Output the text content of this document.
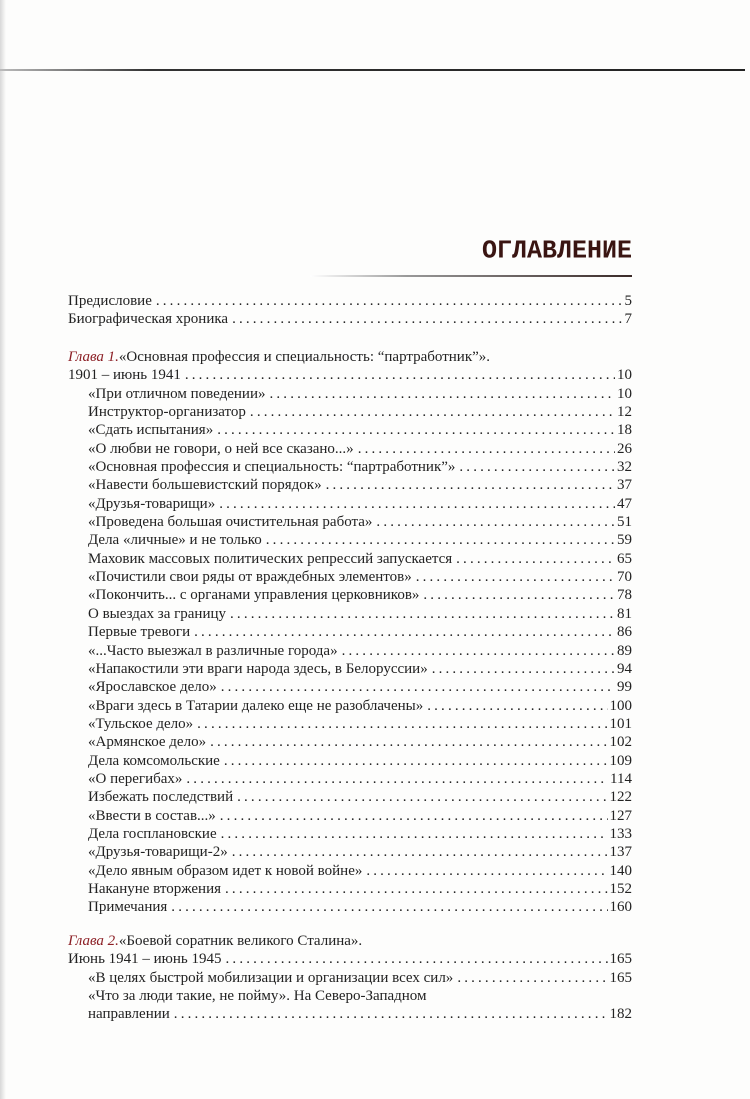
ОГЛАВЛЕНИЕ
Предисловие . . .	5
Биографическая хроника . . .	7
Глава 1. «Основная профессия и специальность: “партработник”».
1901 – июнь 1941 . . .	10
«При отличном поведении» . . .	10
Инструктор-организатор . . .	12
«Сдать испытания» . . .	18
«О любви не говори, о ней все сказано...» . . .	26
«Основная профессия и специальность: “партработник”» . . .	32
«Навести большевистский порядок» . . .	37
«Друзья-товарищи» . . .	47
«Проведена большая очистительная работа» . . .	51
Дела «личные» и не только . . .	59
Маховик массовых политических репрессий запускается . . .	65
«Почистили свои ряды от враждебных элементов» . . .	70
«Покончить... с органами управления церковников» . . .	78
О выездах за границу . . .	81
Первые тревоги . . .	86
«...Часто выезжал в различные города» . . .	89
«Напакостили эти враги народа здесь, в Белоруссии» . . .	94
«Ярославское дело» . . .	99
«Враги здесь в Татарии далеко еще не разоблачены» . . .	100
«Тульское дело» . . .	101
«Армянское дело» . . .	102
Дела комсомольские . . .	109
«О перегибах» . . .	114
Избежать последствий . . .	122
«Ввести в состав...» . . .	127
Дела госплановские . . .	133
«Друзья-товарищи-2» . . .	137
«Дело явным образом идет к новой войне» . . .	140
Накануне вторжения . . .	152
Примечания . . .	160
Глава 2. «Боевой соратник великого Сталина».
Июнь 1941 – июнь 1945 . . .	165
«В целях быстрой мобилизации и организации всех сил» . . .	165
«Что за люди такие, не пойму». На Северо-Западном
направлении . . .	182
